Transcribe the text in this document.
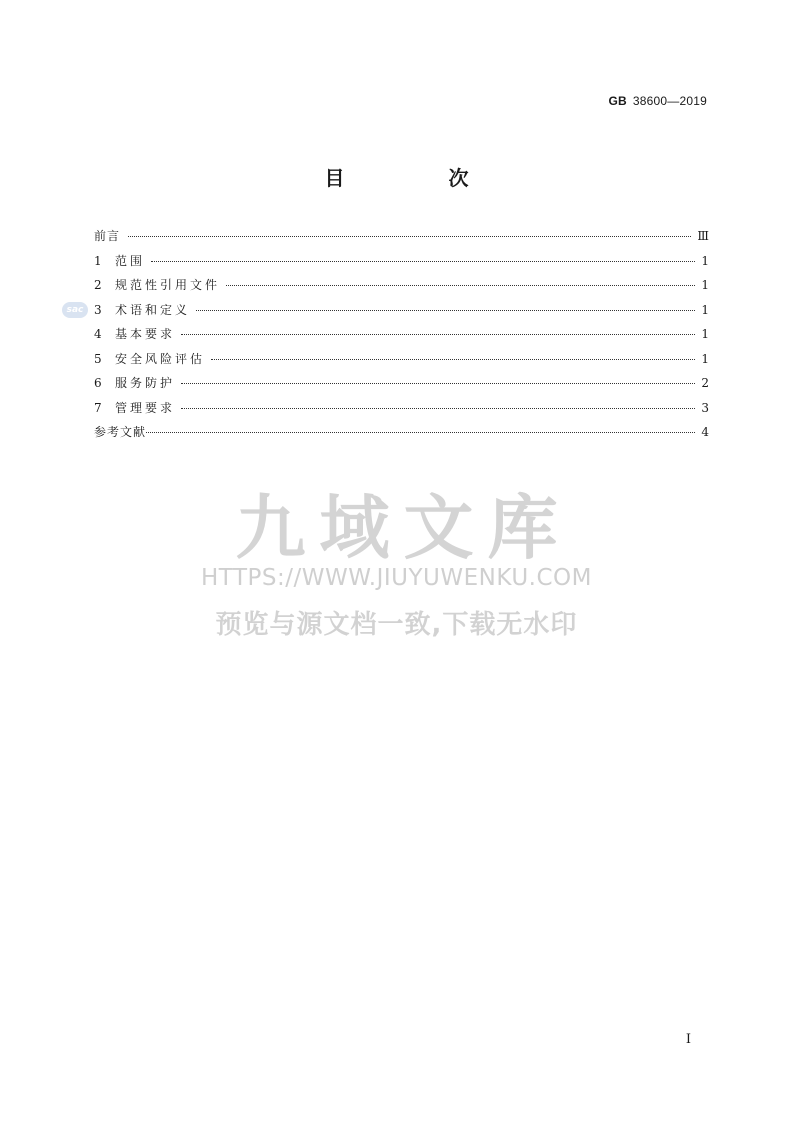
GB 38600—2019
目　次
sac
前言	Ⅲ
1	范围	1
2	规范性引用文件	1
3	术语和定义	1
4	基本要求	1
5	安全风险评估	1
6	服务防护	2
7	管理要求	3
参考文献	4
九域文库
HTTPS://WWW.JIUYUWENKU.COM
预览与源文档一致,下载无水印
I
